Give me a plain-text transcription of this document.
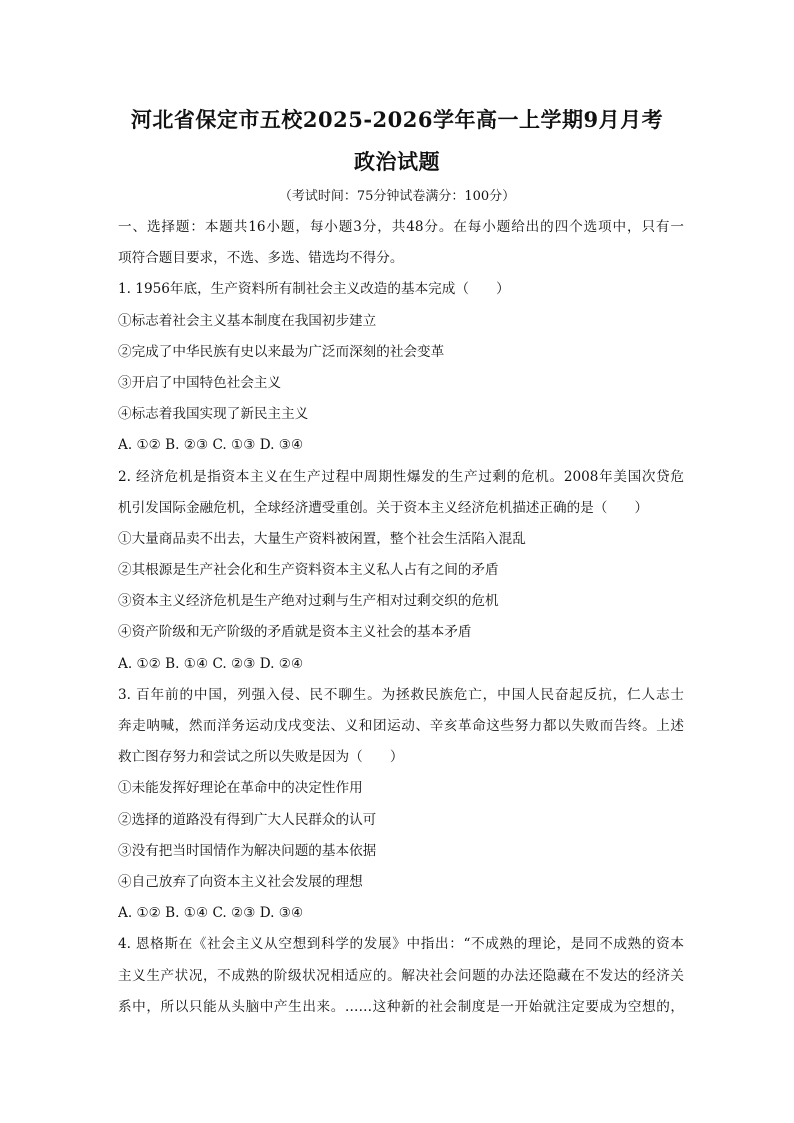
河北省保定市五校2025-2026学年高一上学期9月月考
政治试题
（考试时间：75分钟试卷满分：100分）
一、选择题：本题共16小题，每小题3分，共48分。在每小题给出的四个选项中，只有一
项符合题目要求，不选、多选、错选均不得分。
1. 1956年底，生产资料所有制社会主义改造的基本完成（　　）
①标志着社会主义基本制度在我国初步建立
②完成了中华民族有史以来最为广泛而深刻的社会变革
③开启了中国特色社会主义
④标志着我国实现了新民主主义
A. ①② B. ②③ C. ①③ D. ③④
2. 经济危机是指资本主义在生产过程中周期性爆发的生产过剩的危机。2008年美国次贷危
机引发国际金融危机，全球经济遭受重创。关于资本主义经济危机描述正确的是（　　）
①大量商品卖不出去，大量生产资料被闲置，整个社会生活陷入混乱
②其根源是生产社会化和生产资料资本主义私人占有之间的矛盾
③资本主义经济危机是生产绝对过剩与生产相对过剩交织的危机
④资产阶级和无产阶级的矛盾就是资本主义社会的基本矛盾
A. ①② B. ①④ C. ②③ D. ②④
3. 百年前的中国，列强入侵、民不聊生。为拯救民族危亡，中国人民奋起反抗，仁人志士
奔走呐喊，然而洋务运动戊戌变法、义和团运动、辛亥革命这些努力都以失败而告终。上述
救亡图存努力和尝试之所以失败是因为（　　）
①未能发挥好理论在革命中的决定性作用
②选择的道路没有得到广大人民群众的认可
③没有把当时国情作为解决问题的基本依据
④自己放弃了向资本主义社会发展的理想
A. ①② B. ①④ C. ②③ D. ③④
4. 恩格斯在《社会主义从空想到科学的发展》中指出：“不成熟的理论，是同不成熟的资本
主义生产状况，不成熟的阶级状况相适应的。解决社会问题的办法还隐藏在不发达的经济关
系中，所以只能从头脑中产生出来。……这种新的社会制度是一开始就注定要成为空想的，
